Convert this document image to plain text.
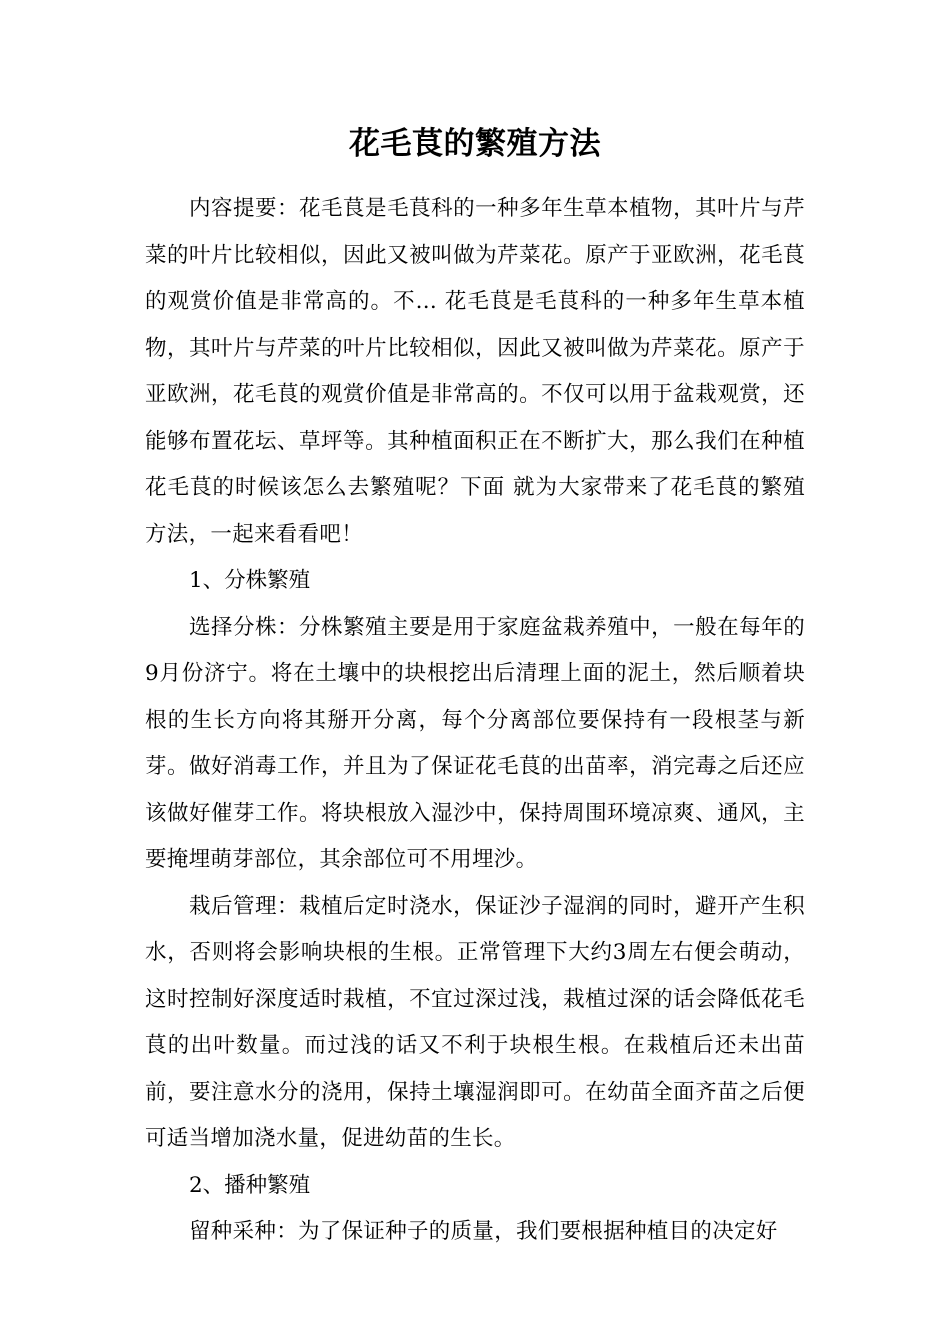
花毛茛的繁殖方法

内容提要：花毛茛是毛茛科的一种多年生草本植物，其叶片与芹菜的叶片比较相似，因此又被叫做为芹菜花。原产于亚欧洲，花毛茛的观赏价值是非常高的。不... 花毛茛是毛茛科的一种多年生草本植物，其叶片与芹菜的叶片比较相似，因此又被叫做为芹菜花。原产于亚欧洲，花毛茛的观赏价值是非常高的。不仅可以用于盆栽观赏，还能够布置花坛、草坪等。其种植面积正在不断扩大，那么我们在种植花毛茛的时候该怎么去繁殖呢？下面 就为大家带来了花毛茛的繁殖方法，一起来看看吧！

1、分株繁殖

选择分株：分株繁殖主要是用于家庭盆栽养殖中，一般在每年的9月份济宁。将在土壤中的块根挖出后清理上面的泥土，然后顺着块根的生长方向将其掰开分离，每个分离部位要保持有一段根茎与新芽。做好消毒工作，并且为了保证花毛茛的出苗率，消完毒之后还应该做好催芽工作。将块根放入湿沙中，保持周围环境凉爽、通风，主要掩埋萌芽部位，其余部位可不用埋沙。

栽后管理：栽植后定时浇水，保证沙子湿润的同时，避开产生积水，否则将会影响块根的生根。正常管理下大约3周左右便会萌动，这时控制好深度适时栽植，不宜过深过浅，栽植过深的话会降低花毛茛的出叶数量。而过浅的话又不利于块根生根。在栽植后还未出苗前，要注意水分的浇用，保持土壤湿润即可。在幼苗全面齐苗之后便可适当增加浇水量，促进幼苗的生长。

2、播种繁殖

留种采种：为了保证种子的质量，我们要根据种植目的决定好
